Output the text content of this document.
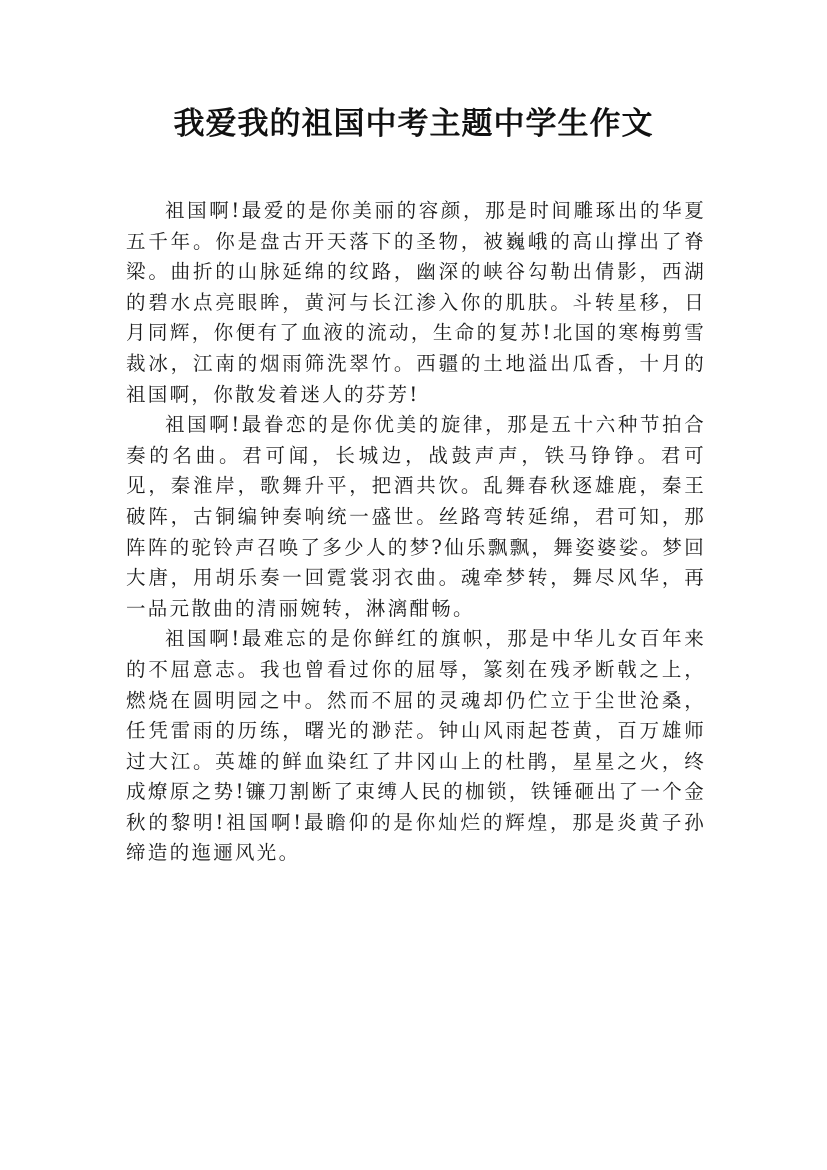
我爱我的祖国中考主题中学生作文

祖国啊!最爱的是你美丽的容颜，那是时间雕琢出的华夏五千年。你是盘古开天落下的圣物，被巍峨的高山撑出了脊梁。曲折的山脉延绵的纹路，幽深的峡谷勾勒出倩影，西湖的碧水点亮眼眸，黄河与长江渗入你的肌肤。斗转星移，日月同辉，你便有了血液的流动，生命的复苏!北国的寒梅剪雪裁冰，江南的烟雨筛洗翠竹。西疆的土地溢出瓜香，十月的祖国啊，你散发着迷人的芬芳!

祖国啊!最眷恋的是你优美的旋律，那是五十六种节拍合奏的名曲。君可闻，长城边，战鼓声声，铁马铮铮。君可见，秦淮岸，歌舞升平，把酒共饮。乱舞春秋逐雄鹿，秦王破阵，古铜编钟奏响统一盛世。丝路弯转延绵，君可知，那阵阵的驼铃声召唤了多少人的梦?仙乐飘飘，舞姿婆娑。梦回大唐，用胡乐奏一回霓裳羽衣曲。魂牵梦转，舞尽风华，再一品元散曲的清丽婉转，淋漓酣畅。

祖国啊!最难忘的是你鲜红的旗帜，那是中华儿女百年来的不屈意志。我也曾看过你的屈辱，篆刻在残矛断戟之上，燃烧在圆明园之中。然而不屈的灵魂却仍伫立于尘世沧桑，任凭雷雨的历练，曙光的渺茫。钟山风雨起苍黄，百万雄师过大江。英雄的鲜血染红了井冈山上的杜鹃，星星之火，终成燎原之势!镰刀割断了束缚人民的枷锁，铁锤砸出了一个金秋的黎明!祖国啊!最瞻仰的是你灿烂的辉煌，那是炎黄子孙缔造的迤逦风光。
